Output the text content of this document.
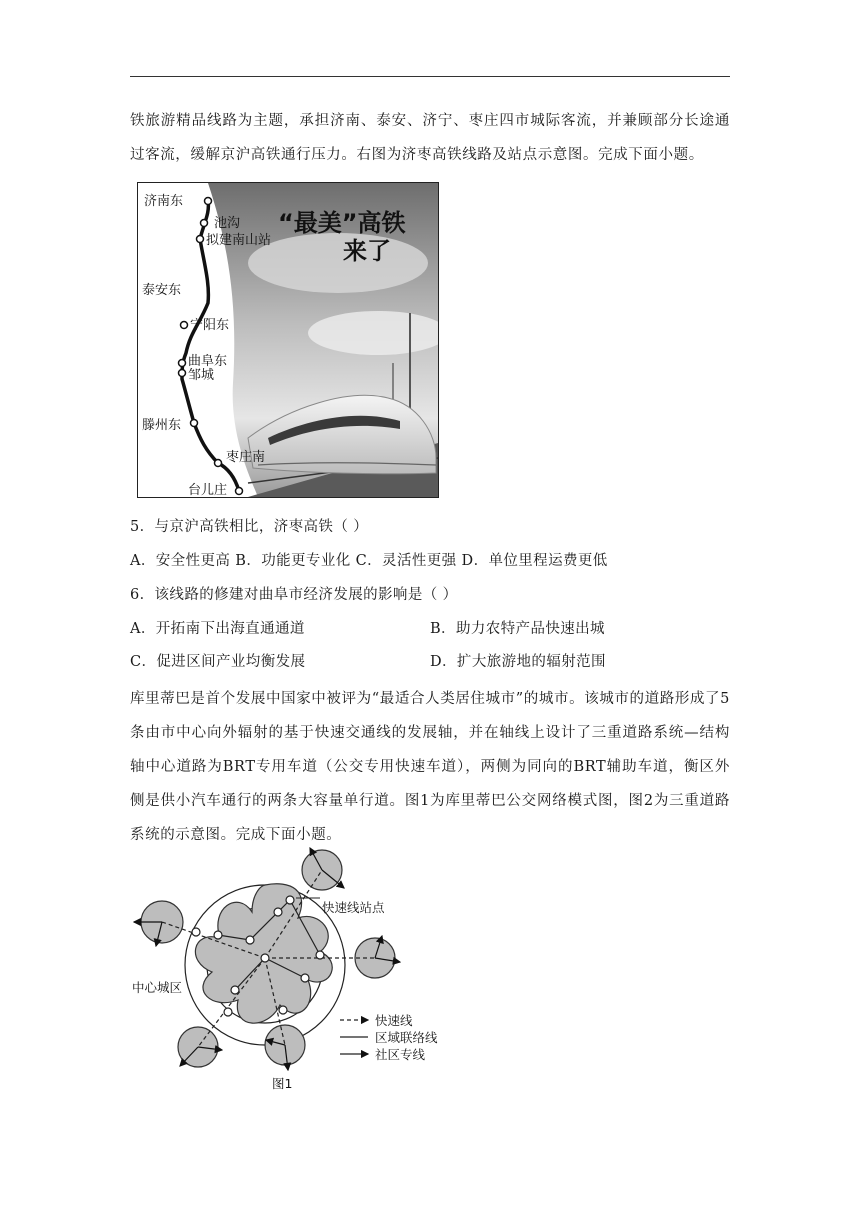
铁旅游精品线路为主题，承担济南、泰安、济宁、枣庄四市城际客流，并兼顾部分长途通过客流，缓解京沪高铁通行压力。右图为济枣高铁线路及站点示意图。完成下面小题。
“最美”高铁
来了
济南东
池沟
拟建南山站
泰安东
宁阳东
曲阜东
邹城
滕州东
枣庄南
台儿庄
5．与京沪高铁相比，济枣高铁（ ）
A．安全性更高 B．功能更专业化 C．灵活性更强 D．单位里程运费更低
6．该线路的修建对曲阜市经济发展的影响是（ ）
A．开拓南下出海直通通道	B．助力农特产品快速出城
C．促进区间产业均衡发展	D．扩大旅游地的辐射范围
库里蒂巴是首个发展中国家中被评为“最适合人类居住城市”的城市。该城市的道路形成了5条由市中心向外辐射的基于快速交通线的发展轴，并在轴线上设计了三重道路系统—结构轴中心道路为BRT专用车道（公交专用快速车道），两侧为同向的BRT辅助车道，衡区外侧是供小汽车通行的两条大容量单行道。图1为库里蒂巴公交网络模式图，图2为三重道路系统的示意图。完成下面小题。
快速线站点
中心城区
快速线
区域联络线
社区专线
图1
